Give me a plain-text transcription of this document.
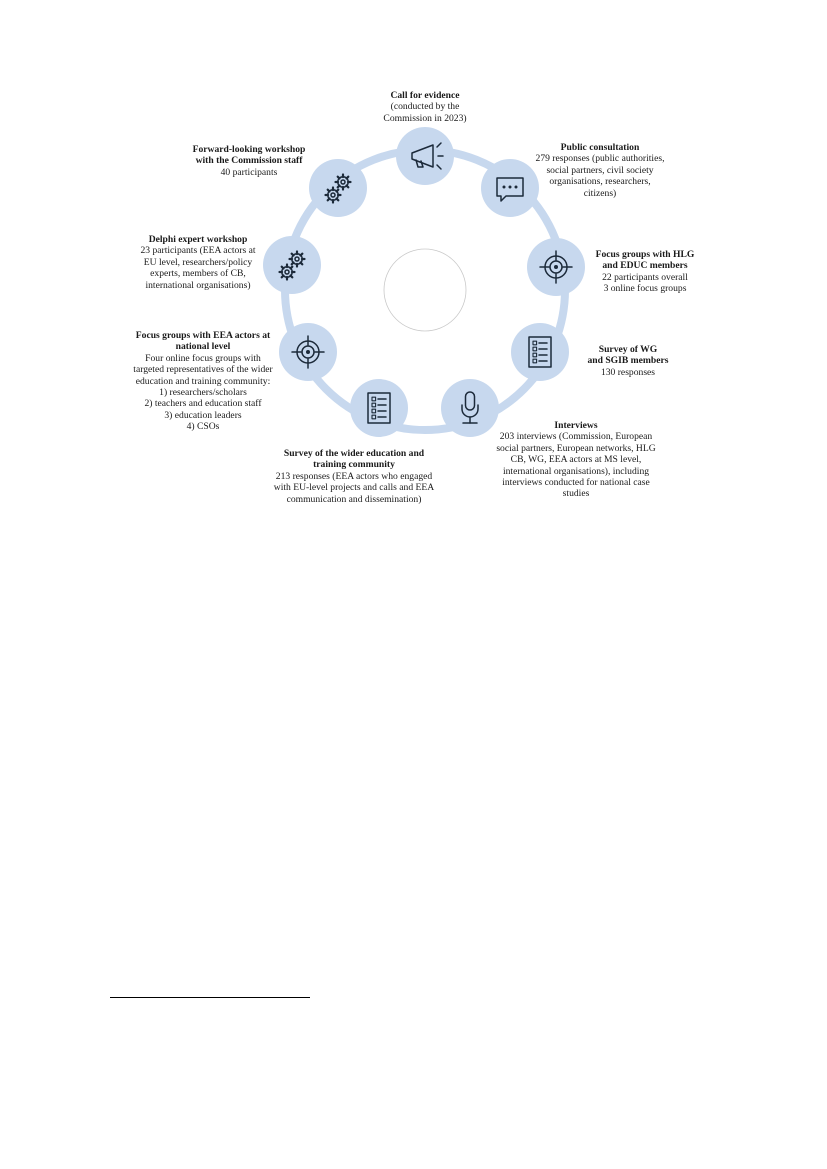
Call for evidence
(conducted by the
Commission in 2023)
Public consultation
279 responses (public authorities,
social partners, civil society
organisations, researchers,
citizens)
Focus groups with HLG
and EDUC members
22 participants overall
3 online focus groups
Survey of WG
and SGIB members
130 responses
Interviews
203 interviews (Commission, European
social partners, European networks, HLG
CB, WG, EEA actors at MS level,
international organisations), including
interviews conducted for national case
studies
Survey of the wider education and
training community
213 responses (EEA actors who engaged
with EU-level projects and calls and EEA
communication and dissemination)
Focus groups with EEA actors at
national level
Four online focus groups with
targeted representatives of the wider
education and training community:
1) researchers/scholars
2) teachers and education staff
3) education leaders
4) CSOs
Delphi expert workshop
23 participants (EEA actors at
EU level, researchers/policy
experts, members of CB,
international organisations)
Forward-looking workshop
with the Commission staff
40 participants
